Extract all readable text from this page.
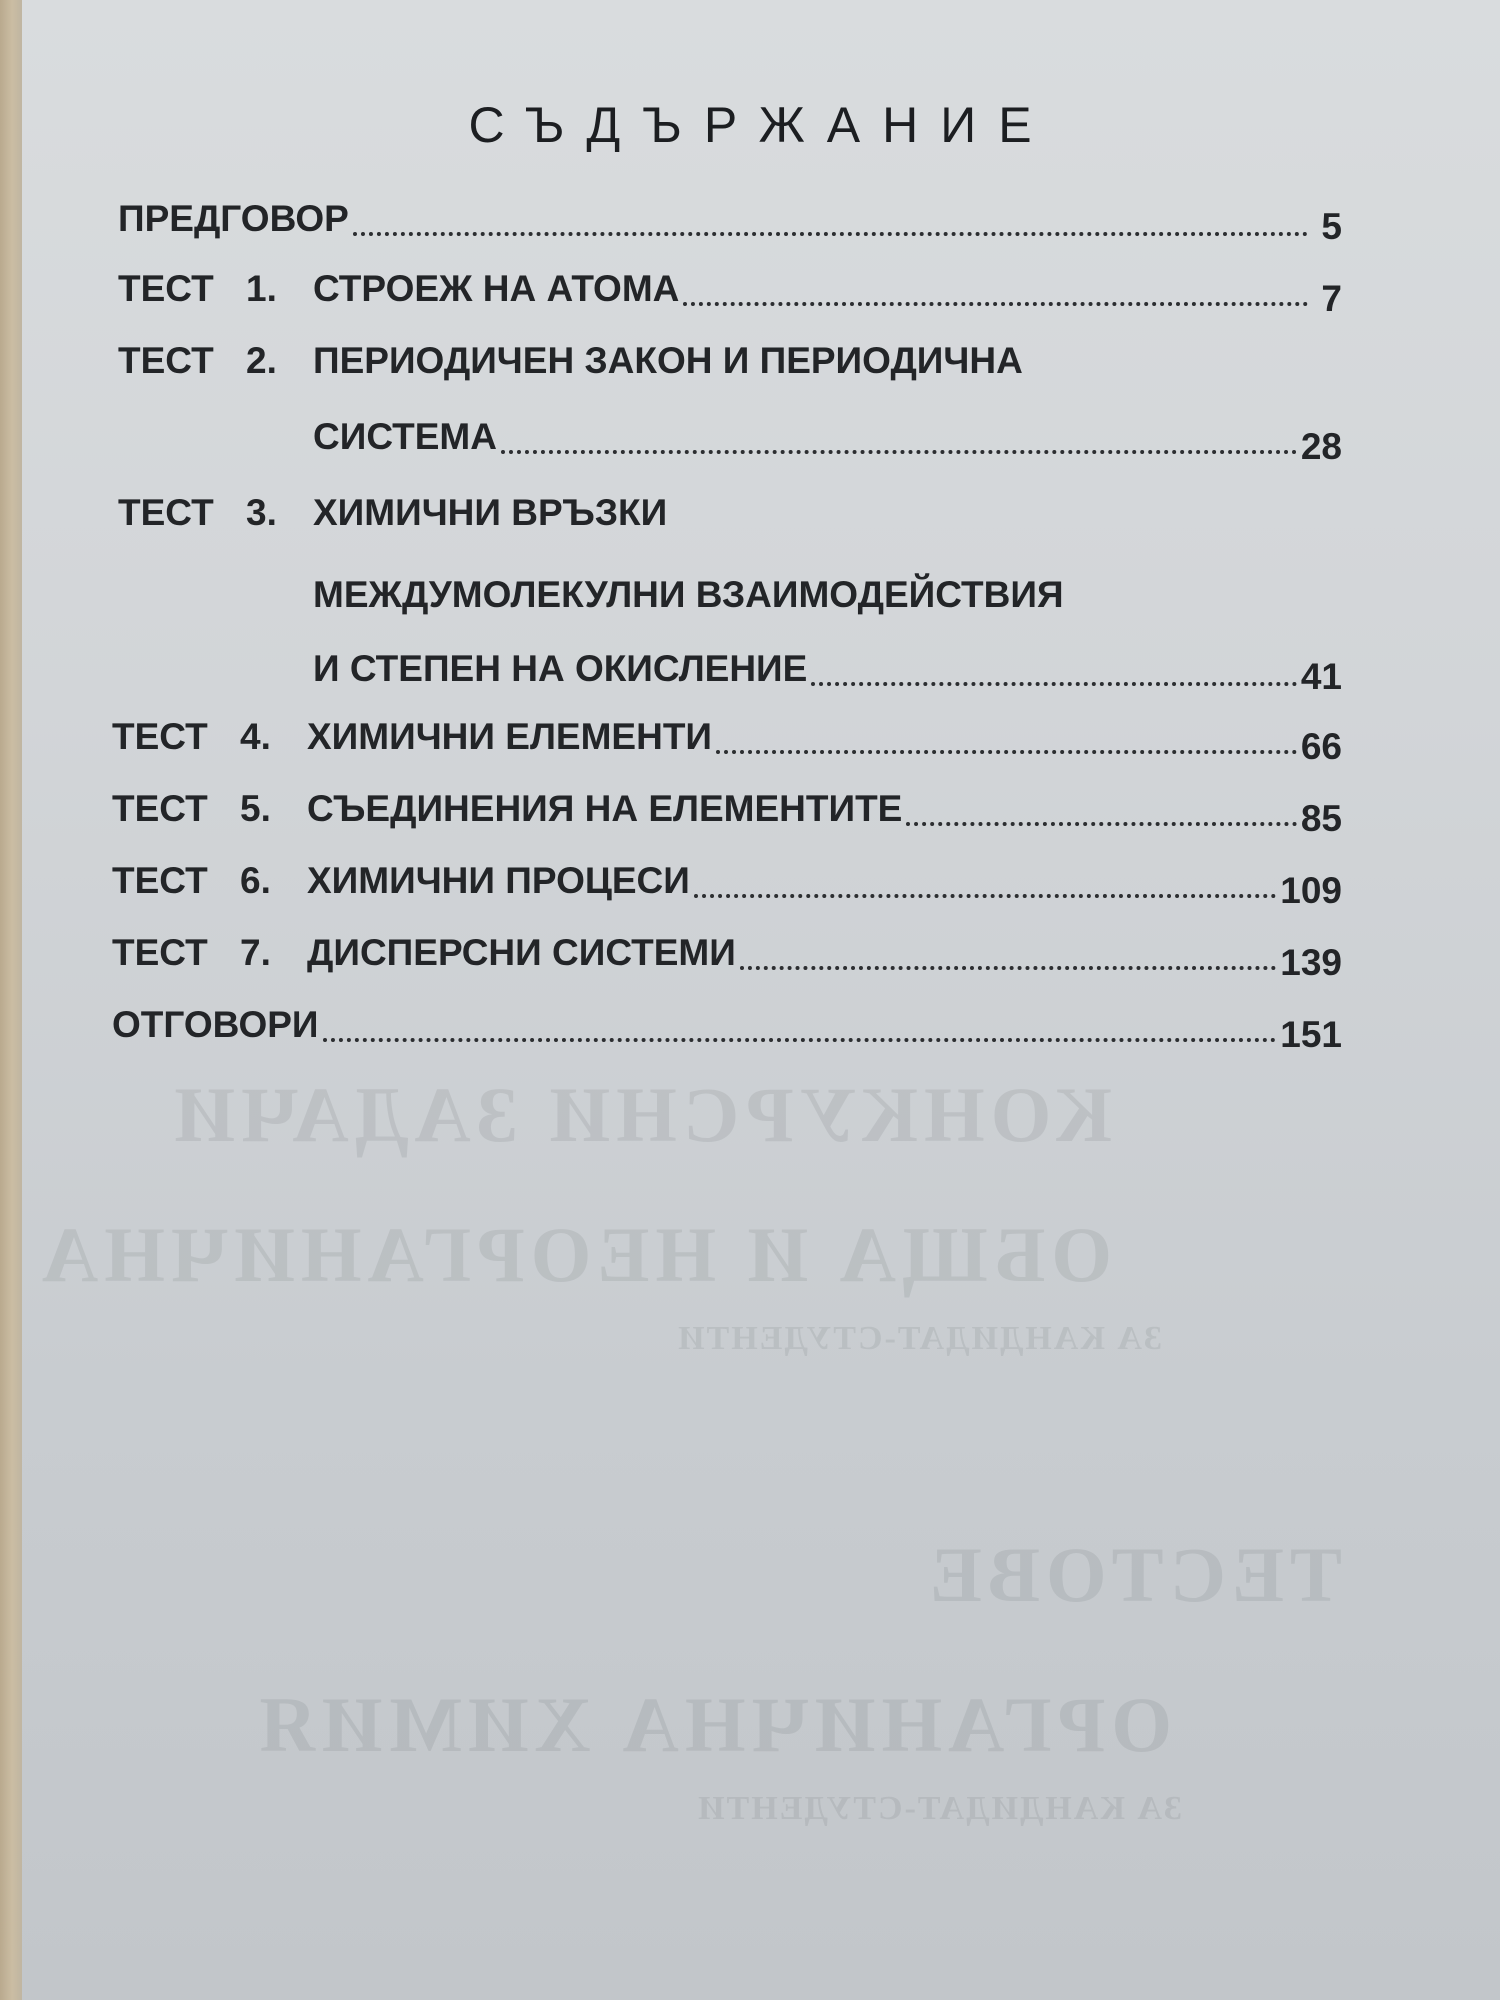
КОНКУРСНИ ЗАДАЧИ
ОБЩА И НЕОРГАНИЧНА
ЗА КАНДИДАТ-СТУДЕНТИ
ТЕСТОВЕ
ОРГАНИЧНА ХИМИЯ
ЗА КАНДИДАТ-СТУДЕНТИ
СЪДЪРЖАНИЕ
ПРЕДГОВОР	5
ТЕСТ 1. СТРОЕЖ НА АТОМА	7
ТЕСТ 2. ПЕРИОДИЧЕН ЗАКОН И ПЕРИОДИЧНА
СИСТЕМА	28
ТЕСТ 3. ХИМИЧНИ ВРЪЗКИ
МЕЖДУМОЛЕКУЛНИ ВЗАИМОДЕЙСТВИЯ
И СТЕПЕН НА ОКИСЛЕНИЕ	41
ТЕСТ 4. ХИМИЧНИ ЕЛЕМЕНТИ	66
ТЕСТ 5. СЪЕДИНЕНИЯ НА ЕЛЕМЕНТИТЕ	85
ТЕСТ 6. ХИМИЧНИ ПРОЦЕСИ	109
ТЕСТ 7. ДИСПЕРСНИ СИСТЕМИ	139
ОТГОВОРИ	151
